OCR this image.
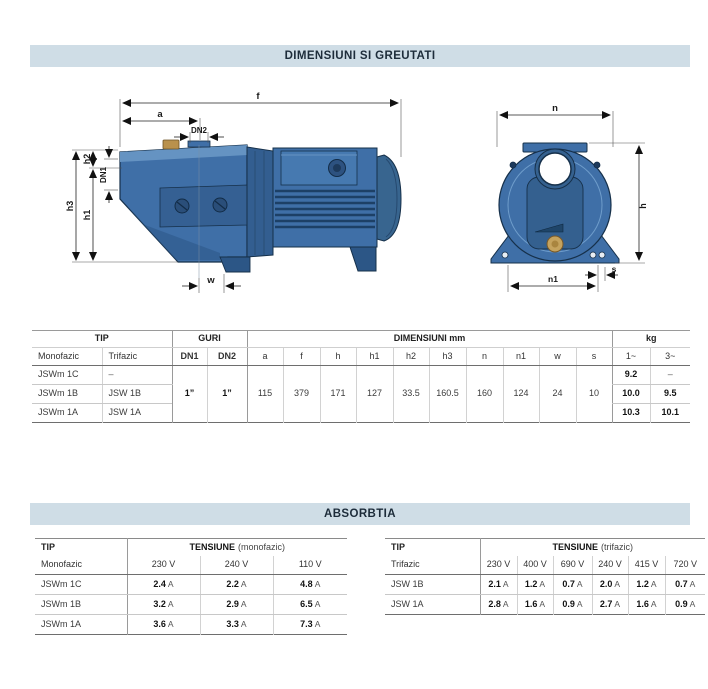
DIMENSIUNI SI GREUTATI
ABSORBTIA
f
a
DN2
h3
h2
h1
DN1
w
n
h
n1
s
TIP		GURI		DIMENSIUNI mm										kg	
Monofazic	Trifazic	DN1	DN2	a	f	h	h1	h2	h3	n	n1	w	s	1~	3~
JSWm 1C	–	1”	1”	115	379	171	127	33.5	160.5	160	124	24	10	9.2	–
JSWm 1B	JSW 1B													10.0	9.5
JSWm 1A	JSW 1A													10.3	10.1
TIP	TENSIUNE (monofazic)		
Monofazic	230 V	240 V	110 V
JSWm 1C	2.4 A	2.2 A	4.8 A
JSWm 1B	3.2 A	2.9 A	6.5 A
JSWm 1A	3.6 A	3.3 A	7.3 A
TIP	TENSIUNE (trifazic)					
Trifazic	230 V	400 V	690 V	240 V	415 V	720 V
JSW 1B	2.1 A	1.2 A	0.7 A	2.0 A	1.2 A	0.7 A
JSW 1A	2.8 A	1.6 A	0.9 A	2.7 A	1.6 A	0.9 A
